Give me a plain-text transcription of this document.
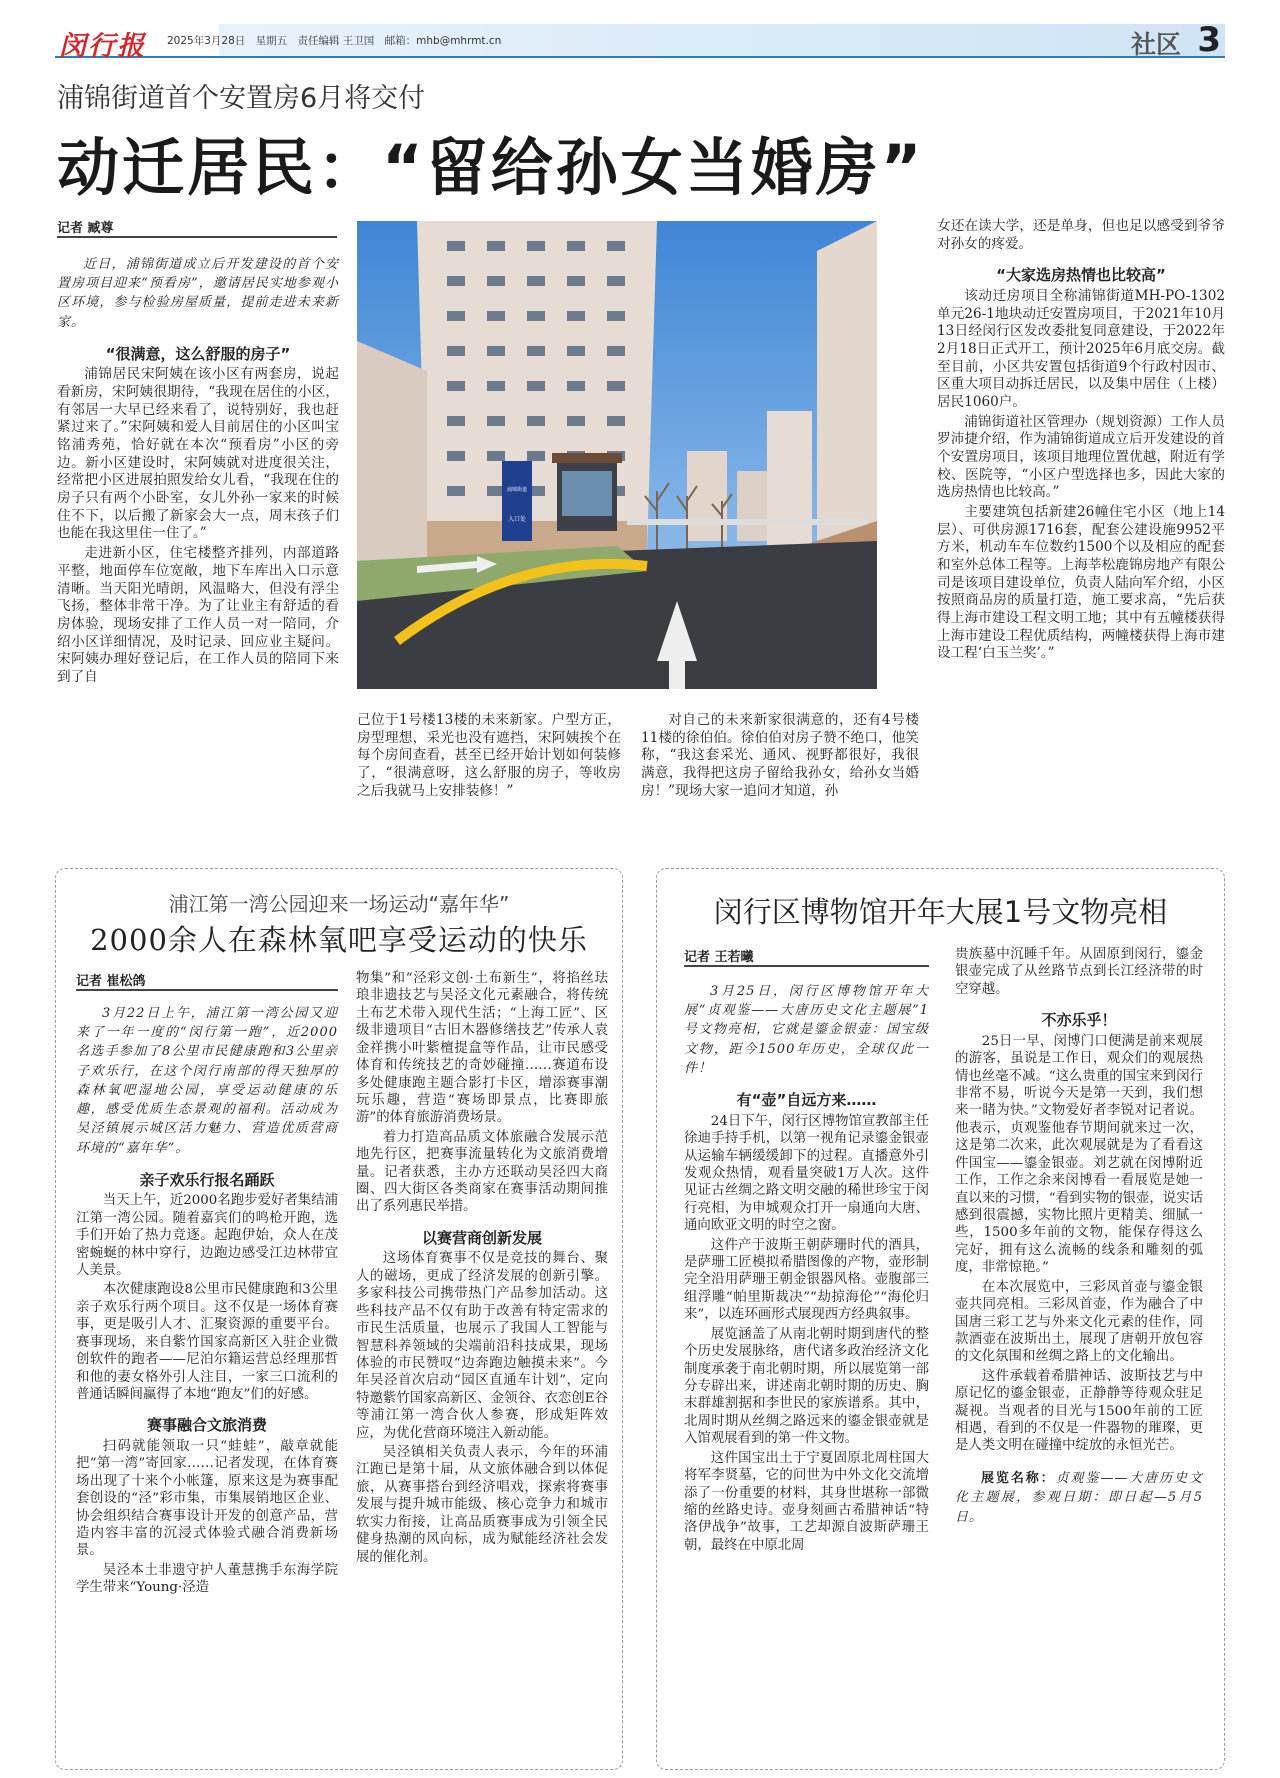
闵行报 2025年3月28日 星期五 责任编辑 王卫国 邮箱：mhb@mhrmt.cn	社区 3
浦锦街道首个安置房6月将交付
动迁居民：“留给孙女当婚房”
记者 臧尊

近日，浦锦街道成立后开发建设的首个安置房项目迎来“预看房”，邀请居民实地参观小区环境，参与检验房屋质量，提前走进未来新家。

“很满意，这么舒服的房子”

浦锦居民宋阿姨在该小区有两套房，说起看新房，宋阿姨很期待，“我现在居住的小区，有邻居一大早已经来看了，说特别好，我也赶紧过来了。”宋阿姨和爱人目前居住的小区叫宝铭浦秀苑，恰好就在本次“预看房”小区的旁边。新小区建设时，宋阿姨就对进度很关注，经常把小区进展拍照发给女儿看，“我现在住的房子只有两个小卧室，女儿外孙一家来的时候住不下，以后搬了新家会大一点，周末孩子们也能在我这里住一住了。”

走进新小区，住宅楼整齐排列，内部道路平整，地面停车位宽敞，地下车库出入口示意清晰。当天阳光晴朗，风温略大，但没有浮尘飞扬，整体非常干净。为了让业主有舒适的看房体验，现场安排了工作人员一对一陪同，介绍小区详细情况，及时记录、回应业主疑问。宋阿姨办理好登记后，在工作人员的陪同下来到了自

浦锦街道
入口处

己位于1号楼13楼的未来新家。户型方正，房型理想，采光也没有遮挡，宋阿姨挨个在每个房间查看，甚至已经开始计划如何装修了，“很满意呀，这么舒服的房子，等收房之后我就马上安排装修！”

对自己的未来新家很满意的，还有4号楼11楼的徐伯伯。徐伯伯对房子赞不绝口，他笑称，“我这套采光、通风、视野都很好，我很满意，我得把这房子留给我孙女，给孙女当婚房！”现场大家一追问才知道，孙

女还在读大学，还是单身，但也足以感受到爷爷对孙女的疼爱。

“大家选房热情也比较高”

该动迁房项目全称浦锦街道MH-PO-1302单元26-1地块动迁安置房项目，于2021年10月13日经闵行区发改委批复同意建设，于2022年2月18日正式开工，预计2025年6月底交房。截至目前，小区共安置包括街道9个行政村因市、区重大项目动拆迁居民，以及集中居住（上楼）居民1060户。

浦锦街道社区管理办（规划资源）工作人员罗沛捷介绍，作为浦锦街道成立后开发建设的首个安置房项目，该项目地理位置优越，附近有学校、医院等，“小区户型选择也多，因此大家的选房热情也比较高。”

主要建筑包括新建26幢住宅小区（地上14层）、可供房源1716套，配套公建设施9952平方米，机动车车位数约1500个以及相应的配套和室外总体工程等。上海莘松鹿锦房地产有限公司是该项目建设单位，负责人陆向军介绍，小区按照商品房的质量打造，施工要求高，“先后获得上海市建设工程文明工地；其中有五幢楼获得上海市建设工程优质结构，两幢楼获得上海市建设工程‘白玉兰奖’。”

浦江第一湾公园迎来一场运动“嘉年华”
2000余人在森林氧吧享受运动的快乐
记者 崔松鸽

3月22日上午，浦江第一湾公园又迎来了一年一度的“闵行第一跑”，近2000名选手参加了8公里市民健康跑和3公里亲子欢乐行，在这个闵行南部的得天独厚的森林氧吧湿地公园，享受运动健康的乐趣，感受优质生态景观的福利。活动成为吴泾镇展示城区活力魅力、营造优质营商环境的“嘉年华”。

亲子欢乐行报名踊跃

当天上午，近2000名跑步爱好者集结浦江第一湾公园。随着嘉宾们的鸣枪开跑，选手们开始了热力竞逐。起跑伊始，众人在茂密蜿蜒的林中穿行，边跑边感受江边林带宜人美景。

本次健康跑设8公里市民健康跑和3公里亲子欢乐行两个项目。这不仅是一场体育赛事，更是吸引人才、汇聚资源的重要平台。赛事现场，来自紫竹国家高新区入驻企业微创软件的跑者——尼泊尔籍运营总经理那哲和他的妻女格外引人注目，一家三口流利的普通话瞬间赢得了本地“跑友”们的好感。

赛事融合文旅消费

扫码就能领取一只“蛙蛙”，敲章就能把“第一湾”寄回家……记者发现，在体育赛场出现了十来个小帐篷，原来这是为赛事配套创设的“泾”彩市集，市集展销地区企业、协会组织结合赛事设计开发的创意产品，营造内容丰富的沉浸式体验式融合消费新场景。

吴泾本土非遗守护人董慧携手东海学院学生带来“Young·泾造

物集”和“泾彩文创·土布新生”，将掐丝珐琅非遗技艺与吴泾文化元素融合，将传统土布艺术带入现代生活；“上海工匠”、区级非遗项目“古旧木器修缮技艺”传承人袁金祥携小叶紫檀提盒等作品，让市民感受体育和传统技艺的奇妙碰撞……赛道布设多处健康跑主题合影打卡区，增添赛事潮玩乐趣，营造“赛场即景点，比赛即旅游”的体育旅游消费场景。

着力打造高品质文体旅融合发展示范地先行区，把赛事流量转化为文旅消费增量。记者获悉，主办方还联动吴泾四大商圈、四大街区各类商家在赛事活动期间推出了系列惠民举措。

以赛营商创新发展

这场体育赛事不仅是竞技的舞台、聚人的磁场，更成了经济发展的创新引擎。多家科技公司携带热门产品参加活动。这些科技产品不仅有助于改善有特定需求的市民生活质量，也展示了我国人工智能与智慧科养领域的尖端前沿科技成果，现场体验的市民赞叹“边奔跑边触摸未来”。今年吴泾首次启动“园区直通车计划”，定向特邀紫竹国家高新区、金领谷、衣恋创E谷等浦江第一湾合伙人参赛，形成矩阵效应，为优化营商环境注入新动能。

吴泾镇相关负责人表示，今年的环浦江跑已是第十届，从文旅体融合到以体促旅，从赛事搭台到经济唱戏，探索将赛事发展与提升城市能级、核心竞争力和城市软实力衔接，让高品质赛事成为引领全民健身热潮的风向标，成为赋能经济社会发展的催化剂。

闵行区博物馆开年大展1号文物亮相
记者 王若曦

3月25日，闵行区博物馆开年大展“贞观鉴——大唐历史文化主题展”1号文物亮相，它就是鎏金银壶：国宝级文物，距今1500年历史，全球仅此一件！

有“壶”自远方来……

24日下午，闵行区博物馆宣教部主任徐迪手持手机，以第一视角记录鎏金银壶从运输车辆缓缓卸下的过程。直播意外引发观众热情，观看量突破1万人次。这件见证古丝绸之路文明交融的稀世珍宝于闵行亮相，为申城观众打开一扇通向大唐、通向欧亚文明的时空之窗。

这件产于波斯王朝萨珊时代的酒具，是萨珊工匠模拟希腊图像的产物，壶形制完全沿用萨珊王朝金银器风格。壶腹部三组浮雕“帕里斯裁决”“劫掠海伦”“海伦归来”，以连环画形式展现西方经典叙事。

展览涵盖了从南北朝时期到唐代的整个历史发展脉络，唐代诸多政治经济文化制度承袭于南北朝时期，所以展览第一部分专辟出来，讲述南北朝时期的历史、胸末群雄割据和李世民的家族谱系。其中，北周时期从丝绸之路远来的鎏金银壶就是入馆观展看到的第一件文物。

这件国宝出土于宁夏固原北周柱国大将军李贤墓，它的问世为中外文化交流增添了一份重要的材料，其身世堪称一部微缩的丝路史诗。壶身刻画古希腊神话“特洛伊战争”故事，工艺却源自波斯萨珊王朝，最终在中原北周

贵族墓中沉睡千年。从固原到闵行，鎏金银壶完成了从丝路节点到长江经济带的时空穿越。

不亦乐乎！

25日一早，闵博门口便满是前来观展的游客，虽说是工作日，观众们的观展热情也丝毫不减。“这么贵重的国宝来到闵行非常不易，听说今天是第一天到，我们想来一睹为快。”文物爱好者李锐对记者说。他表示，贞观鉴他春节期间就来过一次，这是第二次来，此次观展就是为了看看这件国宝——鎏金银壶。刘艺就在闵博附近工作，工作之余来闵博看一看展览是她一直以来的习惯，“看到实物的银壶，说实话感到很震撼，实物比照片更精美、细腻一些，1500多年前的文物，能保存得这么完好，拥有这么流畅的线条和雕刻的弧度，非常惊艳。”

在本次展览中，三彩凤首壶与鎏金银壶共同亮相。三彩凤首壶，作为融合了中国唐三彩工艺与外来文化元素的佳作，同款酒壶在波斯出土，展现了唐朝开放包容的文化氛围和丝绸之路上的文化输出。

这件承载着希腊神话、波斯技艺与中原记忆的鎏金银壶，正静静等待观众驻足凝视。当观者的目光与1500年前的工匠相遇，看到的不仅是一件器物的璀璨，更是人类文明在碰撞中绽放的永恒光芒。

展览名称：贞观鉴——大唐历史文化主题展，参观日期：即日起—5月5日。
